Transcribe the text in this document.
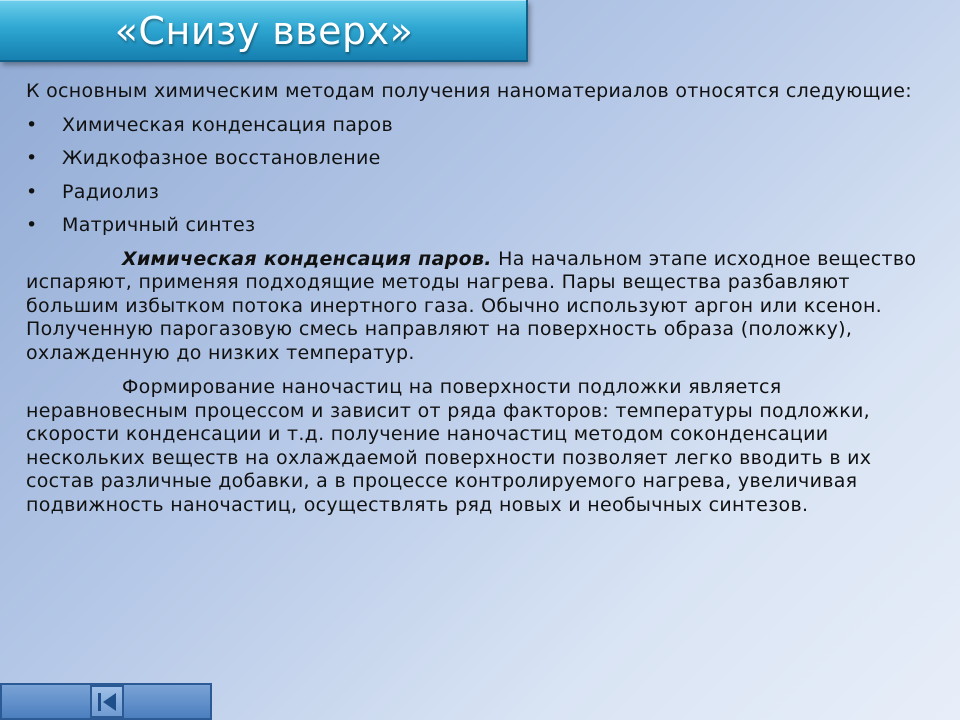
«Снизу вверх»
К основным химическим методам получения наноматериалов относятся следующие:
•	Химическая конденсация паров
•	Жидкофазное восстановление
•	Радиолиз
•	Матричный синтез

Химическая конденсация паров. На начальном этапе исходное вещество испаряют, применяя подходящие методы нагрева. Пары вещества разбавляют большим избытком потока инертного газа. Обычно используют аргон или ксенон. Полученную парогазовую смесь направляют на поверхность образа (положку), охлажденную до низких температур.

Формирование наночастиц на поверхности подложки является неравновесным процессом и зависит от ряда факторов: температуры подложки, скорости конденсации и т.д. получение наночастиц методом соконденсации нескольких веществ на охлаждаемой поверхности позволяет легко вводить в их состав различные добавки, а в процессе контролируемого нагрева, увеличивая подвижность наночастиц, осуществлять ряд новых и необычных синтезов.
